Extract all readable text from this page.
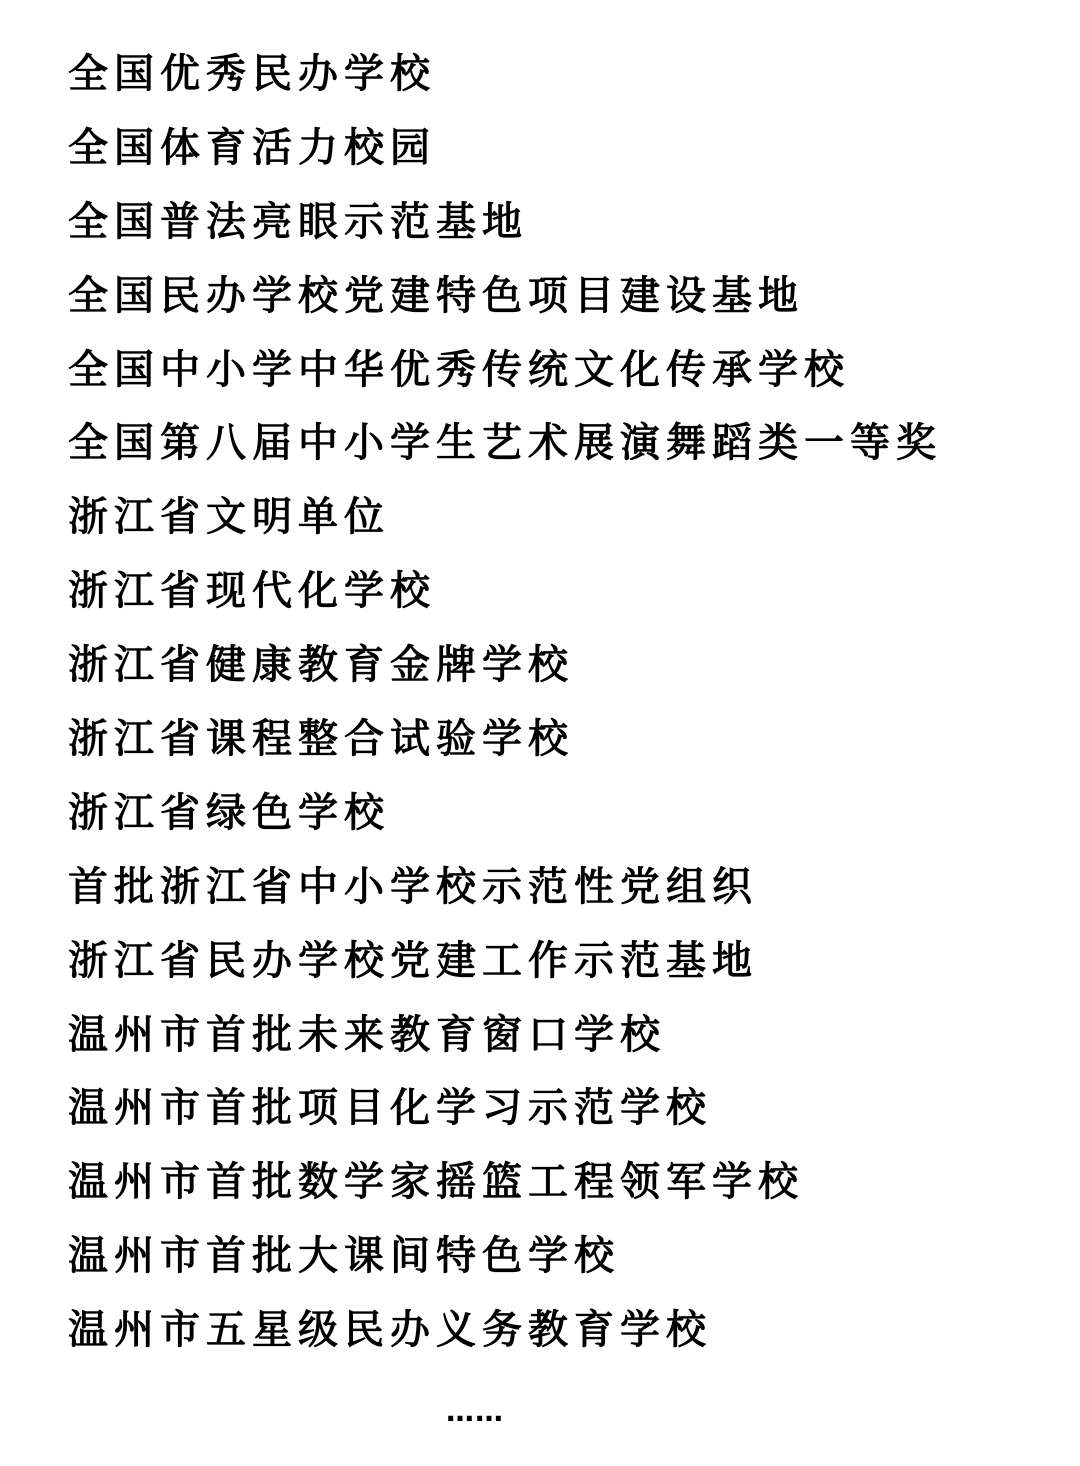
全国优秀民办学校
全国体育活力校园
全国普法亮眼示范基地
全国民办学校党建特色项目建设基地
全国中小学中华优秀传统文化传承学校
全国第八届中小学生艺术展演舞蹈类一等奖
浙江省文明单位
浙江省现代化学校
浙江省健康教育金牌学校
浙江省课程整合试验学校
浙江省绿色学校
首批浙江省中小学校示范性党组织
浙江省民办学校党建工作示范基地
温州市首批未来教育窗口学校
温州市首批项目化学习示范学校
温州市首批数学家摇篮工程领军学校
温州市首批大课间特色学校
温州市五星级民办义务教育学校
……
